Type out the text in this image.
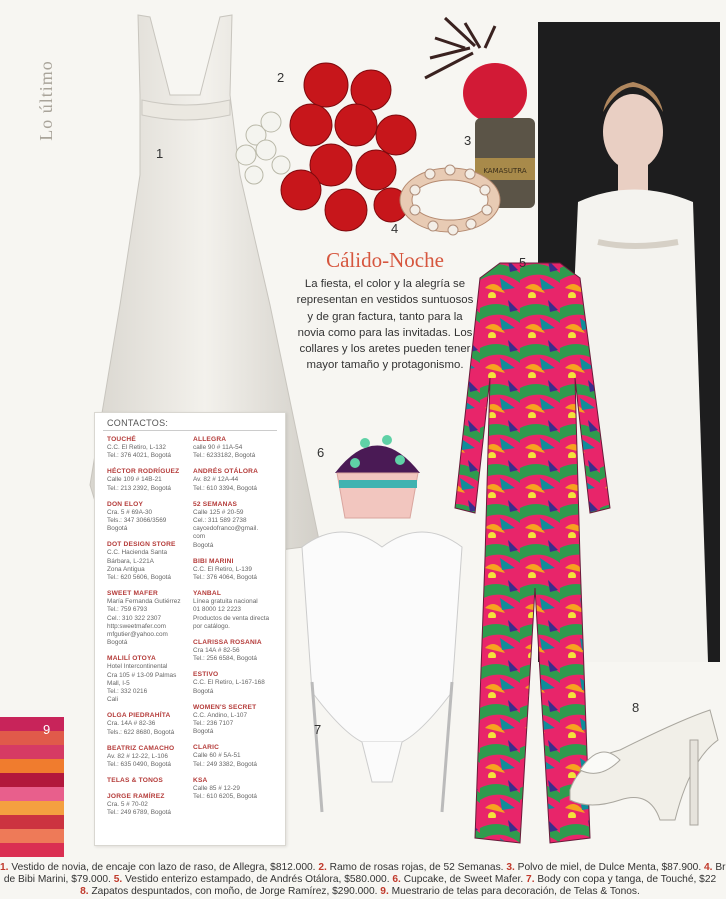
Lo último
1
2
KAMASUTRA
3
4
Cálido-Noche
La fiesta, el color y la alegría se representan en vestidos suntuosos y de gran factura, tanto para la novia como para las invitadas. Los collares y los aretes pueden tener mayor tamaño y protagonismo.
5
6
7
8
9
CONTACTOS:
TOUCHÉ
C.C. El Retiro, L-132
Tel.: 376 4021, Bogotá
HÉCTOR RODRÍGUEZ
Calle 109 # 14B-21
Tel.: 213 2392, Bogotá
DON ELOY
Cra. 5 # 69A-30
Tels.: 347 3066/3569
Bogotá
DOT DESIGN STORE
C.C. Hacienda Santa
Bárbara, L-221A
Zona Antigua
Tel.: 620 5606, Bogotá
SWEET MAFER
María Fernanda Gutiérrez
Tel.: 759 6793
Cel.: 310 322 2307
http:sweetmafer.com
mfgutier@yahoo.com
Bogotá
MALILÍ OTOYA
Hotel Intercontinental
Cra 105 # 13-09 Palmas
Mall, I-5
Tel.: 332 0216
Cali
OLGA PIEDRAHÍTA
Cra. 14A # 82-36
Tels.: 622 8680, Bogotá
BEATRIZ CAMACHO
Av. 82 # 12-22, L-106
Tel.: 635 0490, Bogotá
TELAS & TONOS
JORGE RAMÍREZ
Cra. 5 # 70-02
Tel.: 249 6789, Bogotá
ALLEGRA
calle 90 # 11A-54
Tel.: 6233182, Bogotá
ANDRÉS OTÁLORA
Av. 82 # 12A-44
Tel.: 610 3394, Bogotá
52 SEMANAS
Calle 125 # 20-59
Cel.: 311 589 2738
caycedofranco@gmail.
com
Bogotá
BIBI MARINI
C.C. El Retiro, L-139
Tel.: 376 4064, Bogotá
YANBAL
Línea gratuita nacional
01 8000 12 2223
Productos de venta directa
por catálogo.
CLARISSA ROSANIA
Cra 14A # 82-56
Tel.: 256 6584, Bogotá
ESTIVO
C.C. El Retiro, L-167-168
Bogotá
WOMEN'S SECRET
C.C. Andino, L-107
Tel.: 236 7107
Bogotá
CLARIC
Calle 60 # 5A-51
Tel.: 249 3382, Bogotá
KSA
Calle 85 # 12-29
Tel.: 610 6205, Bogotá
1. Vestido de novia, de encaje con lazo de raso, de Allegra, $812.000. 2. Ramo de rosas rojas, de 52 Semanas. 3. Polvo de miel, de Dulce Menta, $87.900. 4. Br
de Bibi Marini, $79.000. 5. Vestido enterizo estampado, de Andrés Otálora, $580.000. 6. Cupcake, de Sweet Mafer. 7. Body con copa y tanga, de Touché, $22
8. Zapatos despuntados, con moño, de Jorge Ramírez, $290.000. 9. Muestrario de telas para decoración, de Telas & Tonos.
